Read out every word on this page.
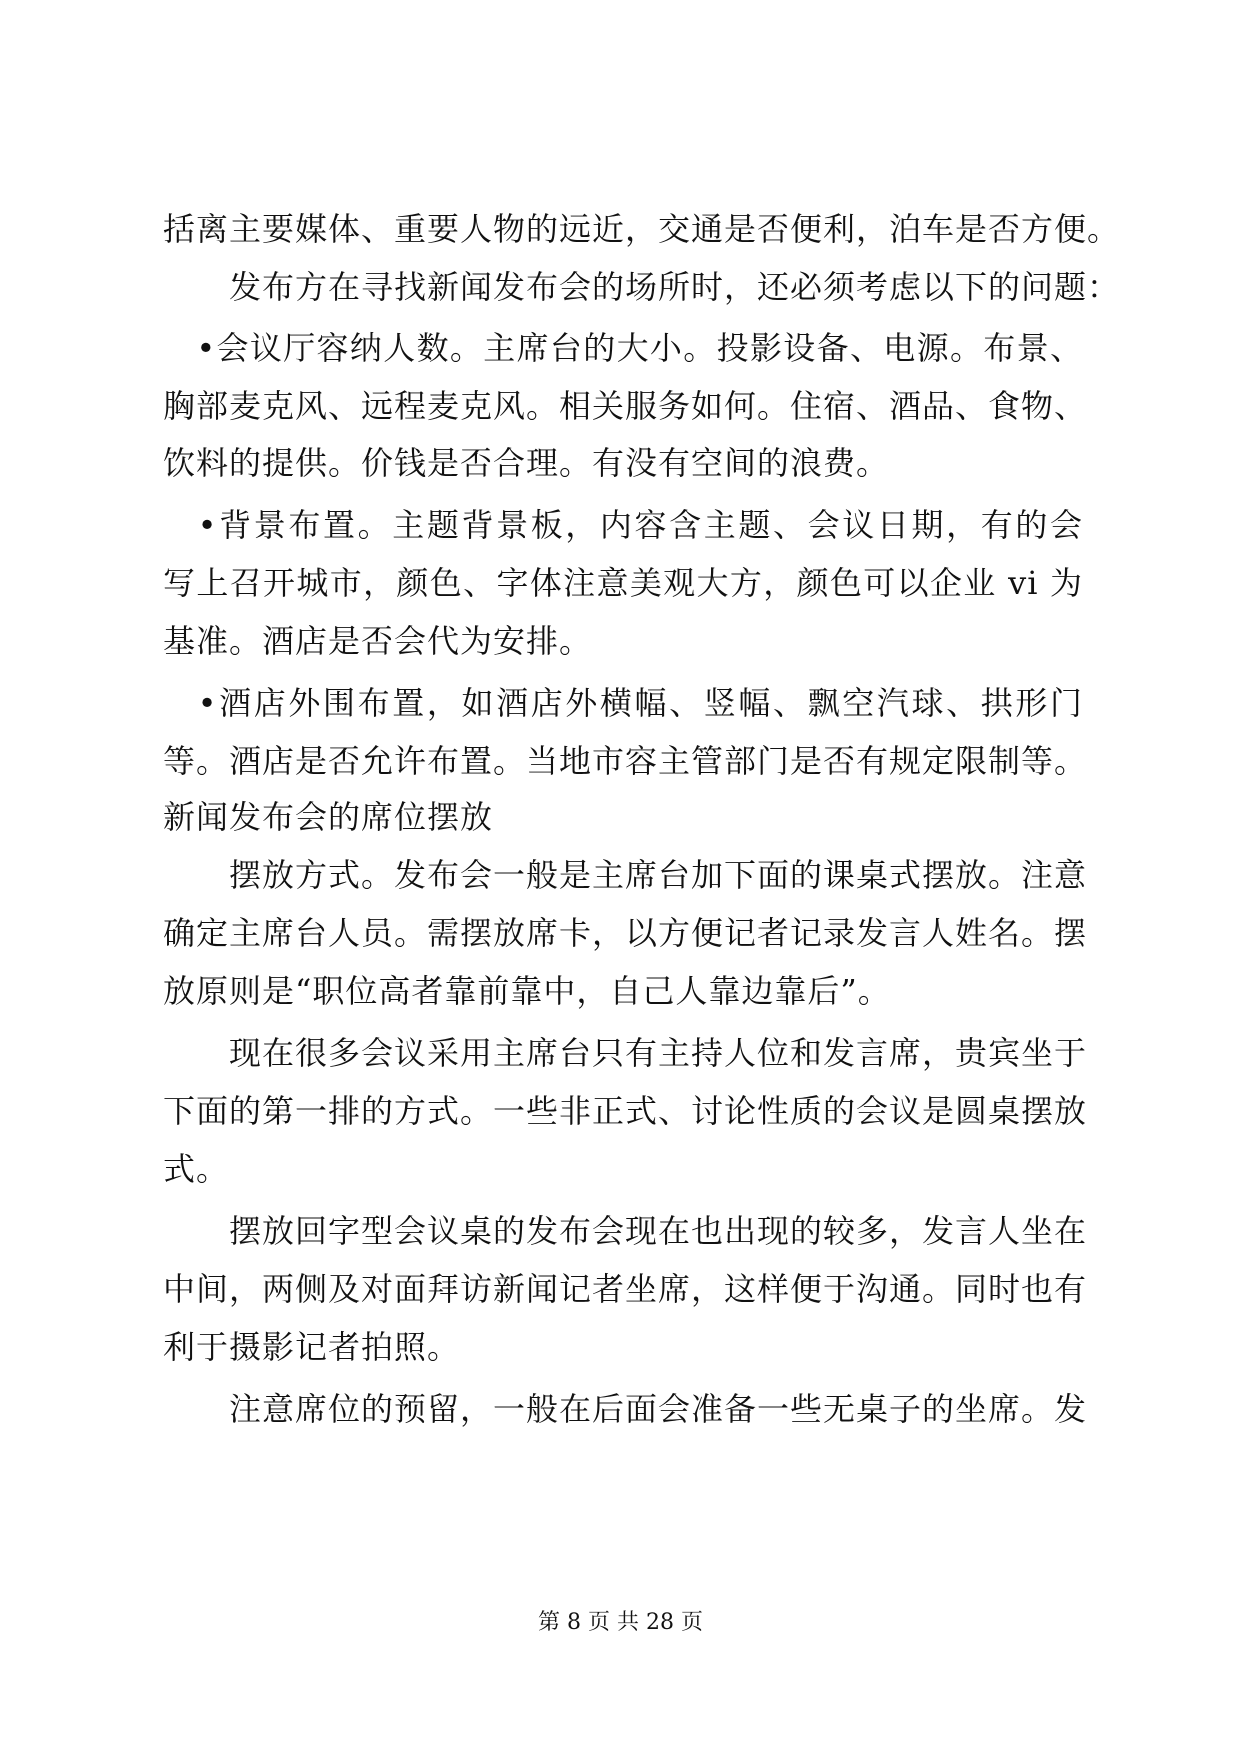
括离主要媒体、重要人物的远近，交通是否便利，泊车是否方便。
　　发布方在寻找新闻发布会的场所时，还必须考虑以下的问题：
　•会议厅容纳人数。主席台的大小。投影设备、电源。布景、
胸部麦克风、远程麦克风。相关服务如何。住宿、酒品、食物、
饮料的提供。价钱是否合理。有没有空间的浪费。
　•背景布置。主题背景板，内容含主题、会议日期，有的会
写上召开城市，颜色、字体注意美观大方，颜色可以企业 vi 为
基准。酒店是否会代为安排。
　•酒店外围布置，如酒店外横幅、竖幅、飘空汽球、拱形门
等。酒店是否允许布置。当地市容主管部门是否有规定限制等。
新闻发布会的席位摆放
　　摆放方式。发布会一般是主席台加下面的课桌式摆放。注意
确定主席台人员。需摆放席卡，以方便记者记录发言人姓名。摆
放原则是“职位高者靠前靠中，自己人靠边靠后”。
　　现在很多会议采用主席台只有主持人位和发言席，贵宾坐于
下面的第一排的方式。一些非正式、讨论性质的会议是圆桌摆放
式。
　　摆放回字型会议桌的发布会现在也出现的较多，发言人坐在
中间，两侧及对面拜访新闻记者坐席，这样便于沟通。同时也有
利于摄影记者拍照。
　　注意席位的预留，一般在后面会准备一些无桌子的坐席。发
第 8 页 共 28 页
